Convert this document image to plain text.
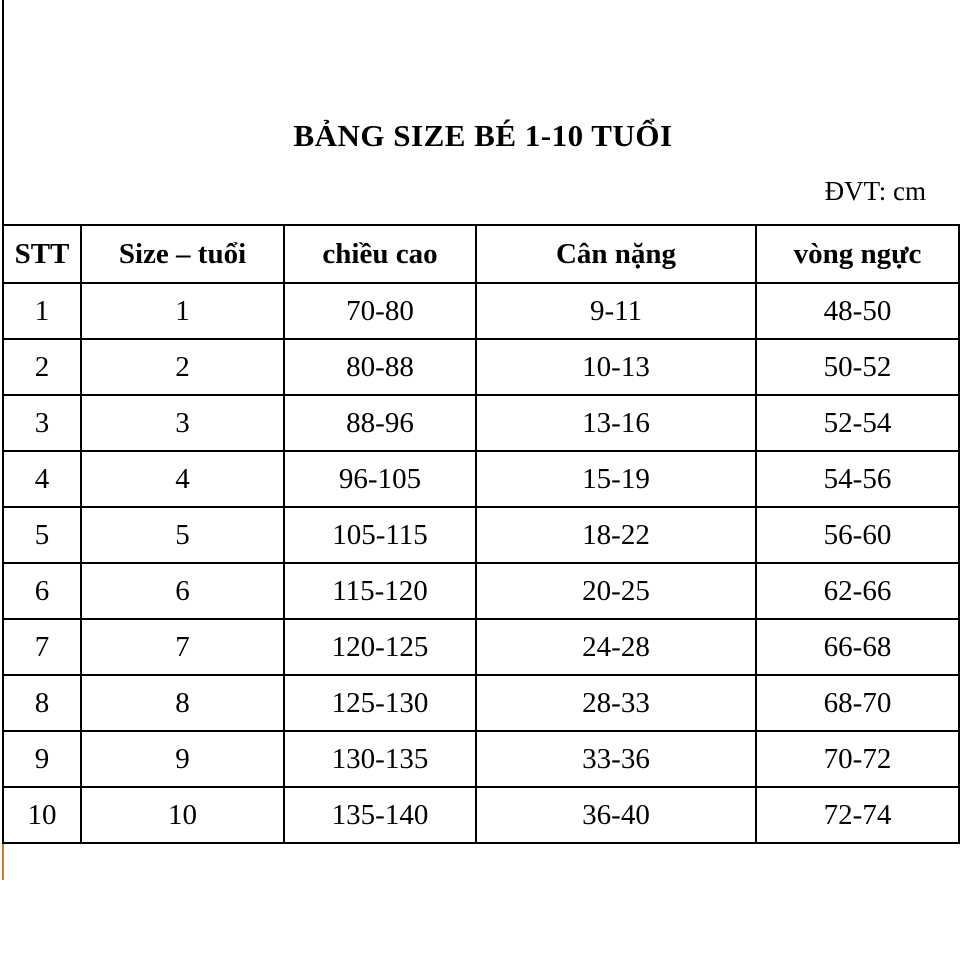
BẢNG SIZE BÉ 1-10 TUỔI
ĐVT: cm
STT	Size – tuổi	chiều cao	Cân nặng	vòng ngực
1	1	70-80	9-11	48-50
2	2	80-88	10-13	50-52
3	3	88-96	13-16	52-54
4	4	96-105	15-19	54-56
5	5	105-115	18-22	56-60
6	6	115-120	20-25	62-66
7	7	120-125	24-28	66-68
8	8	125-130	28-33	68-70
9	9	130-135	33-36	70-72
10	10	135-140	36-40	72-74
